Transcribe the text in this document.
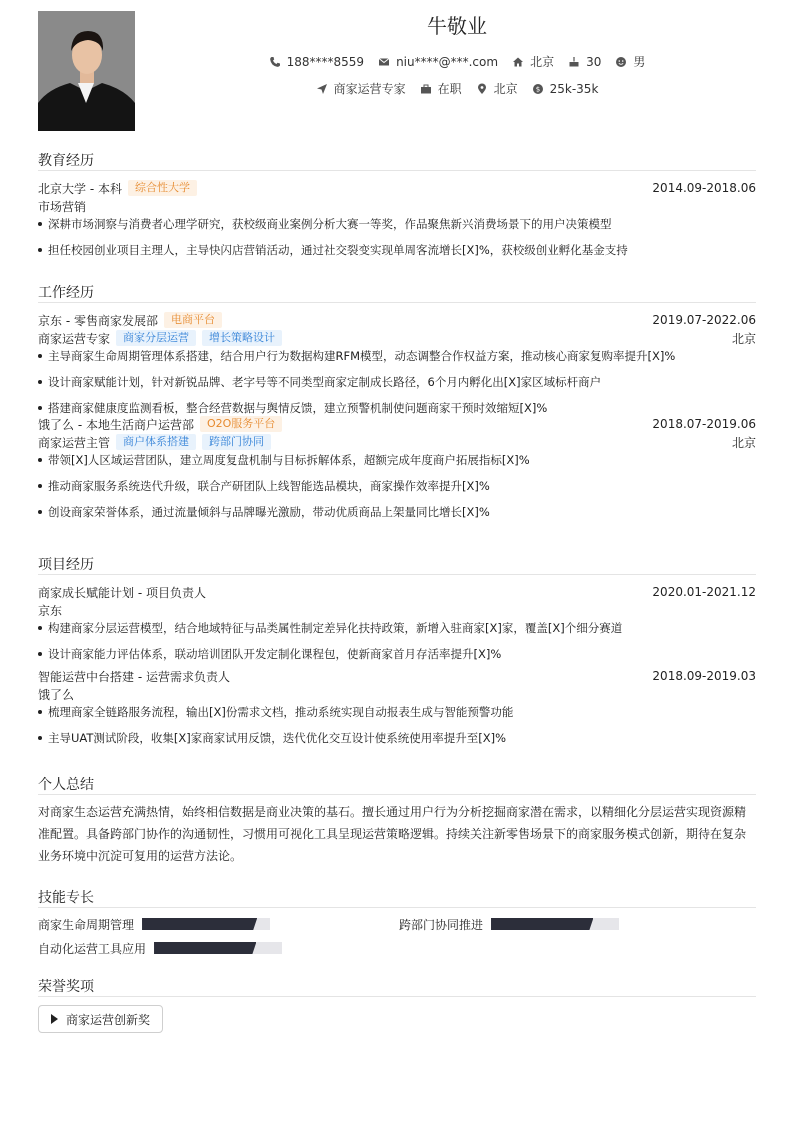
牛敬业
188****8559	niu****@***.com	北京	30	男
商家运营专家	在职	北京	$ 25k-35k
教育经历
北京大学 - 本科	综合性大学	2014.09-2018.06
市场营销
深耕市场洞察与消费者心理学研究，获校级商业案例分析大赛一等奖，作品聚焦新兴消费场景下的用户决策模型
担任校园创业项目主理人，主导快闪店营销活动，通过社交裂变实现单周客流增长[X]%，获校级创业孵化基金支持
工作经历
京东 - 零售商家发展部	电商平台	2019.07-2022.06
商家运营专家	商家分层运营	增长策略设计	北京
主导商家生命周期管理体系搭建，结合用户行为数据构建RFM模型，动态调整合作权益方案，推动核心商家复购率提升[X]%
设计商家赋能计划，针对新锐品牌、老字号等不同类型商家定制成长路径，6个月内孵化出[X]家区域标杆商户
搭建商家健康度监测看板，整合经营数据与舆情反馈，建立预警机制使问题商家干预时效缩短[X]%
饿了么 - 本地生活商户运营部	O2O服务平台	2018.07-2019.06
商家运营主管	商户体系搭建	跨部门协同	北京
带领[X]人区域运营团队，建立周度复盘机制与目标拆解体系，超额完成年度商户拓展指标[X]%
推动商家服务系统迭代升级，联合产研团队上线智能选品模块，商家操作效率提升[X]%
创设商家荣誉体系，通过流量倾斜与品牌曝光激励，带动优质商品上架量同比增长[X]%
项目经历
商家成长赋能计划 - 项目负责人	2020.01-2021.12
京东
构建商家分层运营模型，结合地域特征与品类属性制定差异化扶持政策，新增入驻商家[X]家，覆盖[X]个细分赛道
设计商家能力评估体系，联动培训团队开发定制化课程包，使新商家首月存活率提升[X]%
智能运营中台搭建 - 运营需求负责人	2018.09-2019.03
饿了么
梳理商家全链路服务流程，输出[X]份需求文档，推动系统实现自动报表生成与智能预警功能
主导UAT测试阶段，收集[X]家商家试用反馈，迭代优化交互设计使系统使用率提升至[X]%
个人总结
对商家生态运营充满热情，始终相信数据是商业决策的基石。擅长通过用户行为分析挖掘商家潜在需求，以精细化分层运营实现资源精准配置。具备跨部门协作的沟通韧性，习惯用可视化工具呈现运营策略逻辑。持续关注新零售场景下的商家服务模式创新，期待在复杂业务环境中沉淀可复用的运营方法论。
技能专长
商家生命周期管理	跨部门协同推进
自动化运营工具应用
荣誉奖项
商家运营创新奖
